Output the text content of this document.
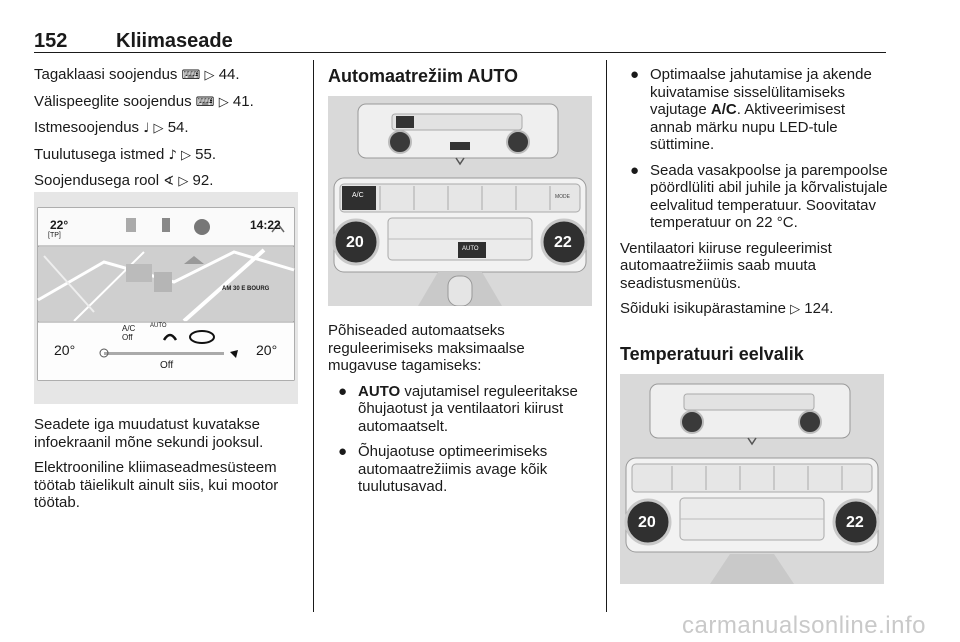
152 Kliimaseade

Tagaklaasi soojendus ⌨ ▷ 44.

Välispeeglite soojendus ⌨ ▷ 41.

Istmesoojendus ♩ ▷ 54.

Tuulutusega istmed ♪ ▷ 55.

Soojendusega rool ∢ ▷ 92.

22°
[TP]
14:22
AM 30 E BOURG
A/C
Off
AUTO
20°	20°
Off

Seadete iga muudatust kuvatakse infoekraanil mõne sekundi jooksul.

Elektrooniline kliimaseadmesüsteem töötab täielikult ainult siis, kui mootor töötab.

Automaatrežiim AUTO
20	22
A/C
AUTO
MODE

Põhiseaded automaatseks reguleerimiseks maksimaalse mugavuse tagamiseks:

● AUTO vajutamisel reguleeritakse õhujaotust ja ventilaatori kiirust automaatselt.
● Õhujaotuse optimeerimiseks automaatrežiimis avage kõik tuulutusavad.
● Optimaalse jahutamise ja akende kuivatamise sisselülitamiseks vajutage A/C. Aktiveerimisest annab märku nupu LED-tule süttimine.
● Seada vasakpoolse ja parempoolse pöördlüliti abil juhile ja kõrvalistujale eelvalitud temperatuur. Soovitatav temperatuur on 22 °C.

Ventilaatori kiiruse reguleerimist automaatrežiimis saab muuta seadistusmenüüs.

Sõiduki isikupärastamine ▷ 124.

Temperatuuri eelvalik
20	22
carmanualsonline.info
